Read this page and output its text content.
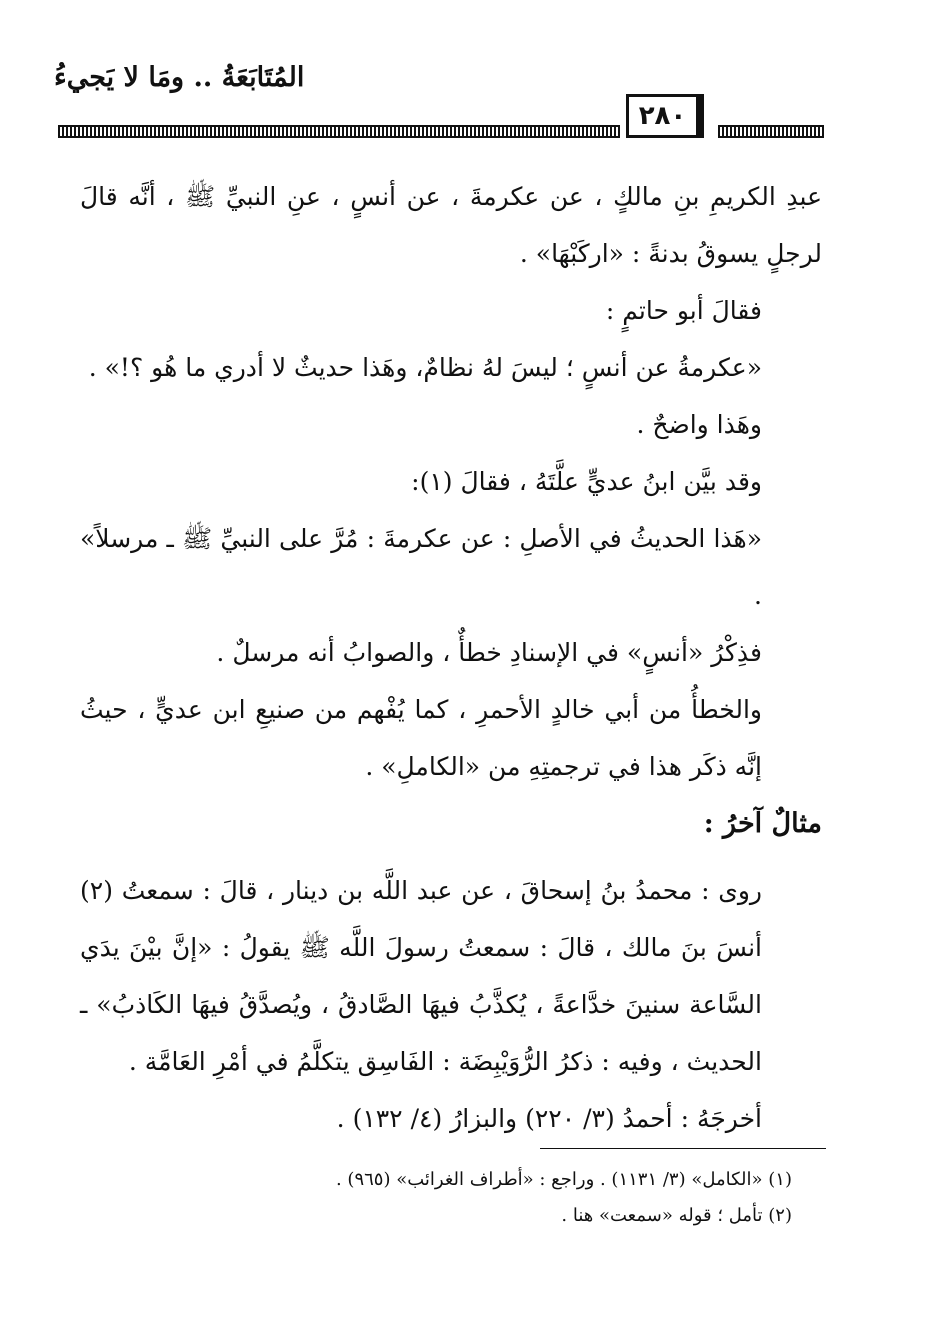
المُتَابَعَةُ .. ومَا لا يَجيءُ
٢٨٠

عبدِ الكريمِ بنِ مالكٍ ، عن عكرمةَ ، عن أنسٍ ، عنِ النبيِّ ﷺ ، أنَّه قالَ لرجلٍ يسوقُ بدنةً : «اركَبْهَا» .

فقالَ أبو حاتمٍ :

«عكرمةُ عن أنسٍ ؛ ليسَ لهُ نظامٌ، وهَذا حديثٌ لا أدري ما هُو ؟!» .

وهَذا واضحٌ .

وقد بيَّن ابنُ عديٍّ علَّتَهُ ، فقالَ (١):

«هَذا الحديثُ في الأصلِ : عن عكرمةَ : مُرَّ على النبيِّ ﷺ ـ مرسلاً» .

فذِكْرُ «أنسٍ» في الإسنادِ خطأٌ ، والصوابُ أنه مرسلٌ .

والخطأُ من أبي خالدٍ الأحمرِ ، كما يُفْهم من صنيعِ ابن عديٍّ ، حيثُ إنَّه ذكَر هذا في ترجمتِهِ من «الكاملِ» .

مثالٌ آخرُ :

روى : محمدُ بنُ إسحاقَ ، عن عبد اللَّه بن دينار ، قالَ : سمعتُ (٢) أنسَ بنَ مالك ، قالَ : سمعتُ رسولَ اللَّه ﷺ يقولُ : «إنَّ بيْنَ يدَي السَّاعة سنينَ خدَّاعةً ، يُكذَّبُ فيهَا الصَّادقُ ، ويُصدَّقُ فيهَا الكَاذبُ» ـ الحديث ، وفيه : ذكرُ الرُّوَيْبِضَة : الفَاسِق يتكلَّمُ في أمْرِ العَامَّة .

أخرجَهُ : أحمدُ (٣/ ٢٢٠) والبزارُ (٤/ ١٣٢) .

(١) «الكامل» (٣/ ١١٣١) . وراجع : «أطراف الغرائب» (٩٦٥) .

(٢) تأمل ؛ قوله «سمعت» هنا .
